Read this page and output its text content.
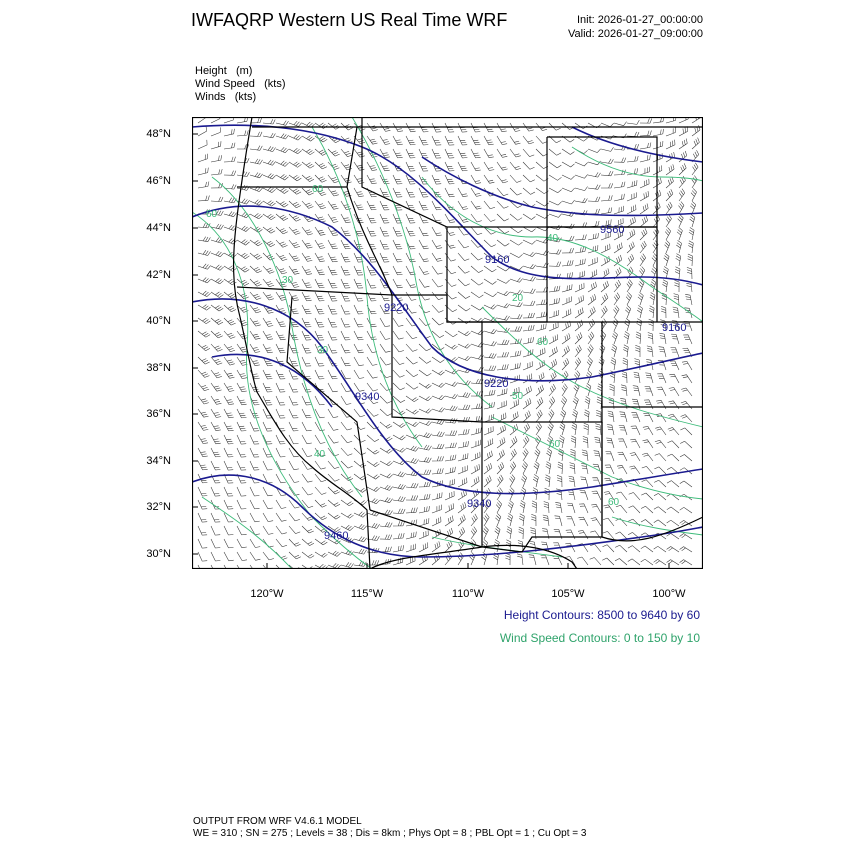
IWFAQRP Western US Real Time WRF	Init: 2026-01-27_00:00:00
Valid: 2026-01-27_09:00:00
Height (m)
Wind Speed (kts)
Winds (kts)
48°N
46°N
44°N
42°N
40°N
38°N
36°N
34°N
32°N
30°N
120°W	115°W	110°W	105°W	100°W
9560
9160
9220
9160
9220
9340
9340
9460
60
60
30
40
20
60
60
30
50
60
40
Height Contours: 8500 to 9640 by 60
Wind Speed Contours: 0 to 150 by 10
OUTPUT FROM WRF V4.6.1 MODEL
WE = 310 ; SN = 275 ; Levels = 38 ; Dis = 8km ; Phys Opt = 8 ; PBL Opt = 1 ; Cu Opt = 3
